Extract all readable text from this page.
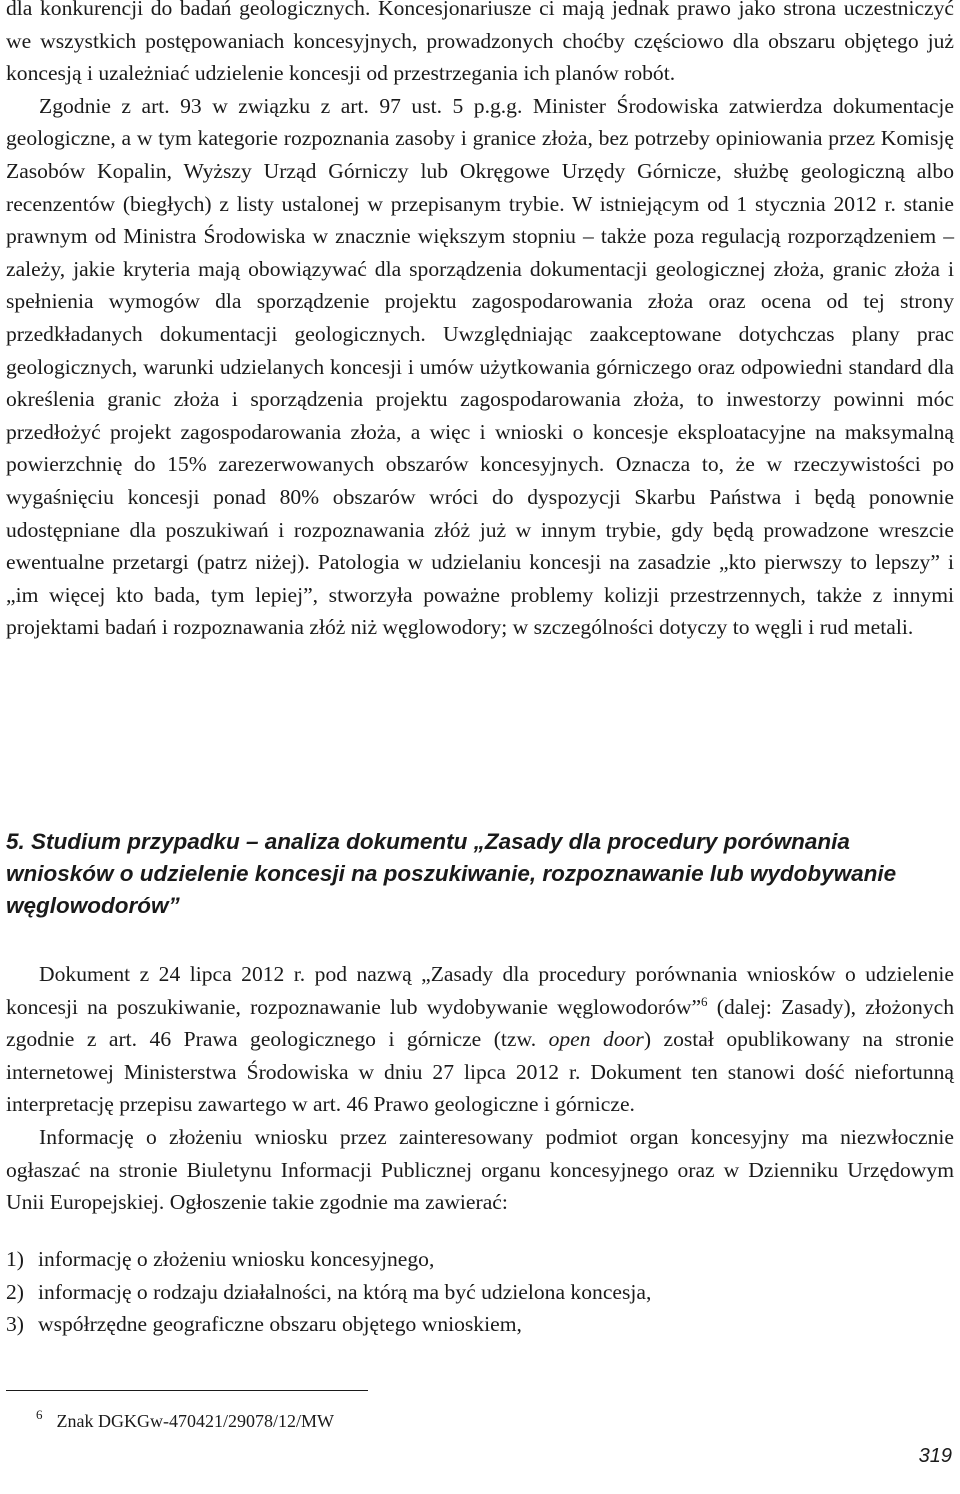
dla konkurencji do badań geologicznych. Koncesjonariusze ci mają jednak prawo jako strona uczestniczyć we wszystkich postępowaniach koncesyjnych, prowadzonych choćby częściowo dla obszaru objętego już koncesją i uzależniać udzielenie koncesji od przestrzegania ich planów robót.
Zgodnie z art. 93 w związku z art. 97 ust. 5 p.g.g. Minister Środowiska zatwierdza dokumentacje geologiczne, a w tym kategorie rozpoznania zasoby i granice złoża, bez potrzeby opiniowania przez Komisję Zasobów Kopalin, Wyższy Urząd Górniczy lub Okręgowe Urzędy Górnicze, służbę geologiczną albo recenzentów (biegłych) z listy ustalonej w przepisanym trybie. W istniejącym od 1 stycznia 2012 r. stanie prawnym od Ministra Środowiska w znacznie większym stopniu – także poza regulacją rozporządzeniem – zależy, jakie kryteria mają obowiązywać dla sporządzenia dokumentacji geologicznej złoża, granic złoża i spełnienia wymogów dla sporządzenie projektu zagospodarowania złoża oraz ocena od tej strony przedkładanych dokumentacji geologicznych. Uwzględniając zaakceptowane dotychczas plany prac geologicznych, warunki udzielanych koncesji i umów użytkowania górniczego oraz odpowiedni standard dla określenia granic złoża i sporządzenia projektu zagospodarowania złoża, to inwestorzy powinni móc przedłożyć projekt zagospodarowania złoża, a więc i wnioski o koncesje eksploatacyjne na maksymalną powierzchnię do 15% zarezerwowanych obszarów koncesyjnych. Oznacza to, że w rzeczywistości po wygaśnięciu koncesji ponad 80% obszarów wróci do dyspozycji Skarbu Państwa i będą ponownie udostępniane dla poszukiwań i rozpoznawania złóż już w innym trybie, gdy będą prowadzone wreszcie ewentualne przetargi (patrz niżej). Patologia w udzielaniu koncesji na zasadzie „kto pierwszy to lepszy” i „im więcej kto bada, tym lepiej”, stworzyła poważne problemy kolizji przestrzennych, także z innymi projektami badań i rozpoznawania złóż niż węglowodory; w szczególności dotyczy to węgli i rud metali.
5. Studium przypadku – analiza dokumentu „Zasady dla procedury porównania wniosków o udzielenie koncesji na poszukiwanie, rozpoznawanie lub wydobywanie węglowodorów”
Dokument z 24 lipca 2012 r. pod nazwą „Zasady dla procedury porównania wniosków o udzielenie koncesji na poszukiwanie, rozpoznawanie lub wydobywanie węglowodorów”$^6$ (dalej: Zasady), złożonych zgodnie z art. 46 Prawa geologicznego i górnicze (tzw. open door) został opublikowany na stronie internetowej Ministerstwa Środowiska w dniu 27 lipca 2012 r. Dokument ten stanowi dość niefortunną interpretację przepisu zawartego w art. 46 Prawo geologiczne i górnicze.
Informację o złożeniu wniosku przez zainteresowany podmiot organ koncesyjny ma niezwłocznie ogłaszać na stronie Biuletynu Informacji Publicznej organu koncesyjnego oraz w Dzienniku Urzędowym Unii Europejskiej. Ogłoszenie takie zgodnie ma zawierać:
1) informację o złożeniu wniosku koncesyjnego,
2) informację o rodzaju działalności, na którą ma być udzielona koncesja,
3) współrzędne geograficzne obszaru objętego wnioskiem,

$^6$ Znak DGKGw-470421/29078/12/MW

319
